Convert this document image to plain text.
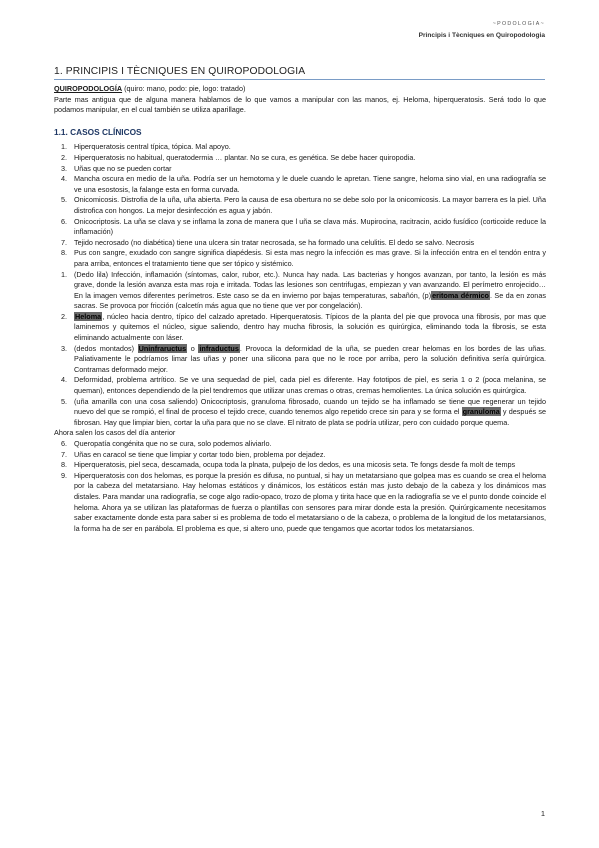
~PODOLOGIA~
Principis i Tècniques en Quiropodologia
1. PRINCIPIS I TÈCNIQUES EN QUIROPODOLOGIA

QUIROPODOLOGÍA (quiro: mano, podo: pie, logo: tratado)

Parte mas antigua que de alguna manera hablamos de lo que vamos a manipular con las manos, ej. Heloma, hiperqueratosis. Será todo lo que podamos manipular, en el cual también se utiliza aparillage.

1.1. CASOS CLÍNICOS
1. Hiperqueratosis central típica, tópica. Mal apoyo.
2. Hiperqueratosis no habitual, queratodermia … plantar. No se cura, es genética. Se debe hacer quiropodia.
3. Uñas que no se pueden cortar
4. Mancha oscura en medio de la uña. Podría ser un hemotoma y le duele cuando le apretan. Tiene sangre, heloma sino vial, en una radiografía se ve una esostosis, la falange esta en forma curvada.
5. Onicomicosis. Distrofia de la uña, uña abierta. Pero la causa de esa obertura no se debe solo por la onicomicosis. La mayor barrera es la piel. Uña distrofica con hongos. La mejor desinfección es agua y jabón.
6. Onicocriptosis. La uña se clava y se inflama la zona de manera que l uña se clava más. Mupirocina, racitracin, acido fusídico (corticoide reduce la inflamación)
7. Tejido necrosado (no diabética) tiene una ulcera sin tratar necrosada, se ha formado una celulitis. El dedo se salvo. Necrosis
8. Pus con sangre, exudado con sangre significa diapédesis. Si esta mas negro la infección es mas grave. Si la infección entra en el tendón entra y para arriba, entonces el tratamiento tiene que ser tópico y sistémico.
1. (Dedo lila) Infección, inflamación (síntomas, calor, rubor, etc.). Nunca hay nada. Las bacterias y hongos avanzan, por tanto, la lesión es más grave, donde la lesión avanza esta mas roja e irritada. Todas las lesiones son centrifugas, empiezan y van avanzando. El perímetro enrojecido… En la imagen vemos diferentes perímetros. Este caso se da en invierno por bajas temperaturas, sabañón, (p)eritoma dérmico. Se da en zonas sacras. Se provoca por fricción (calcetín más agua que no tiene que ver por congelación).
2. Heloma, núcleo hacia dentro, típico del calzado apretado. Hiperqueratosis. Típicos de la planta del pie que provoca una fibrosis, por mas que laminemos y quitemos el núcleo, sigue saliendo, dentro hay mucha fibrosis, la solución es quirúrgica, eliminando toda la fibrosis, se esta eliminando actualmente con láser.
3. (dedos montados) Uninfraructus o infraductus. Provoca la deformidad de la uña, se pueden crear helomas en los bordes de las uñas. Paliativamente le podríamos limar las uñas y poner una silicona para que no le roce por arriba, pero la solución definitiva sería quirúrgica. Contramas deformado mejor.
4. Deformidad, problema artrítico. Se ve una sequedad de piel, cada piel es diferente. Hay fototipos de piel, es seria 1 o 2 (poca melanina, se queman), entonces dependiendo de la piel tendremos que utilizar unas cremas o otras, cremas hemolientes. La única solución es quirúrgica.
5. (uña amarilla con una cosa saliendo) Onicocriptosis, granuloma fibrosado, cuando un tejido se ha inflamado se tiene que regenerar un tejido nuevo del que se rompió, el final de proceso el tejido crece, cuando tenemos algo repetido crece sin para y se forma el granuloma y después se fibrosan. Hay que limpiar bien, cortar la uña para que no se clave. El nitrato de plata se podría utilizar, pero con cuidado porque quema.

Ahora salen los casos del día anterior

6. Queropatía congénita que no se cura, solo podemos aliviarlo.
7. Uñas en caracol se tiene que limpiar y cortar todo bien, problema por dejadez.
8. Hiperqueratosis, piel seca, descamada, ocupa toda la plnata, pulpejo de los dedos, es una micosis seta. Te fongs desde fa molt de temps
9. Hiperqueratosis con dos helomas, es porque la presión es difusa, no puntual, si hay un metatarsiano que golpea mas es cuando se crea el heloma por la cabeza del metatarsiano. Hay helomas estáticos y dinámicos, los estáticos están mas justo debajo de la cabeza y los dinámicos mas distales. Para mandar una radiografía, se coge algo radio-opaco, trozo de ploma y tirita hace que en la radiografía se ve el punto donde coincide el heloma. Ahora ya se utilizan las plataformas de fuerza o plantillas con sensores para mirar donde esta la presión. Quirúrgicamente necesitamos saber exactamente donde esta para saber si es problema de todo el metatarsiano o de la cabeza, o problema de la longitud de los metatarsianos, la forma ha de ser en parábola. El problema es que, si altero uno, puede que tengamos que acortar todos los metatarsianos.
1
